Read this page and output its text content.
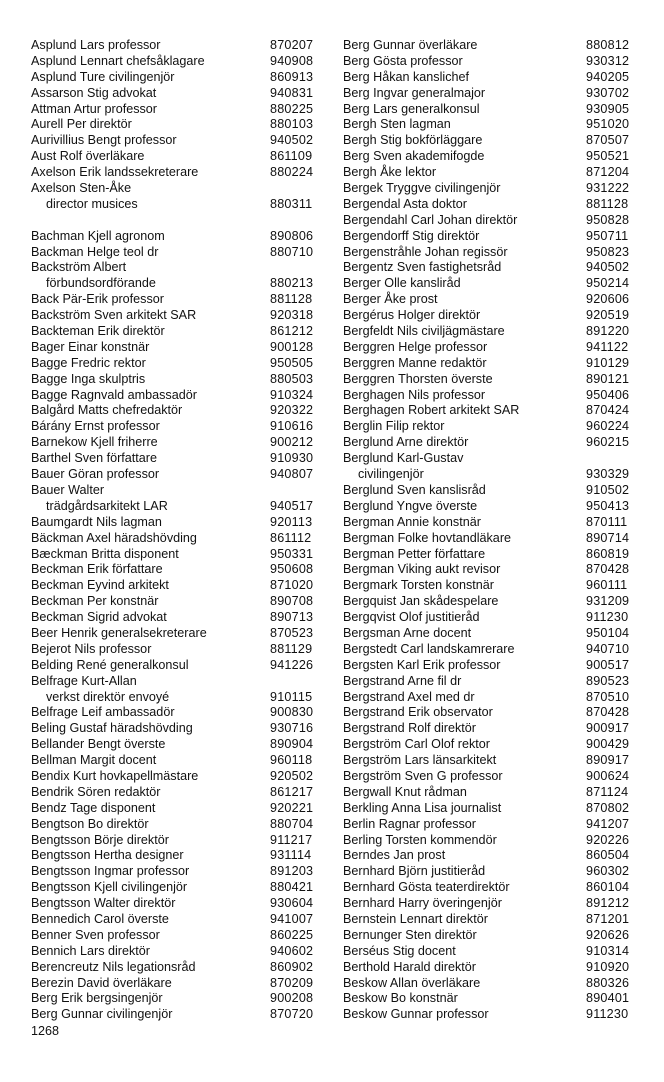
Asplund Lars professor	870207
Asplund Lennart chefsåklagare	940908
Asplund Ture civilingenjör	860913
Assarson Stig advokat	940831
Attman Artur professor	880225
Aurell Per direktör	880103
Aurivillius Bengt professor	940502
Aust Rolf överläkare	861109
Axelson Erik landssekreterare	880224
Axelson Sten-Åke
director musices	880311
Bachman Kjell agronom	890806
Backman Helge teol dr	880710
Backström Albert
förbundsordförande	880213
Back Pär-Erik professor	881128
Backström Sven arkitekt SAR	920318
Backteman Erik direktör	861212
Bager Einar konstnär	900128
Bagge Fredric rektor	950505
Bagge Inga skulptris	880503
Bagge Ragnvald ambassadör	910324
Balgård Matts chefredaktör	920322
Bárány Ernst professor	910616
Barnekow Kjell friherre	900212
Barthel Sven författare	910930
Bauer Göran professor	940807
Bauer Walter
trädgårdsarkitekt LAR	940517
Baumgardt Nils lagman	920113
Bäckman Axel häradshövding	861112
Bæckman Britta disponent	950331
Beckman Erik författare	950608
Beckman Eyvind arkitekt	871020
Beckman Per konstnär	890708
Beckman Sigrid advokat	890713
Beer Henrik generalsekreterare	870523
Bejerot Nils professor	881129
Belding René generalkonsul	941226
Belfrage Kurt-Allan
verkst direktör envoyé	910115
Belfrage Leif ambassadör	900830
Beling Gustaf häradshövding	930716
Bellander Bengt överste	890904
Bellman Margit docent	960118
Bendix Kurt hovkapellmästare	920502
Bendrik Sören redaktör	861217
Bendz Tage disponent	920221
Bengtson Bo direktör	880704
Bengtsson Börje direktör	911217
Bengtsson Hertha designer	931114
Bengtsson Ingmar professor	891203
Bengtsson Kjell civilingenjör	880421
Bengtsson Walter direktör	930604
Bennedich Carol överste	941007
Benner Sven professor	860225
Bennich Lars direktör	940602
Berencreutz Nils legationsråd	860902
Berezin David överläkare	870209
Berg Erik bergsingenjör	900208
Berg Gunnar civilingenjör	870720
Berg Gunnar överläkare	880812
Berg Gösta professor	930312
Berg Håkan kanslichef	940205
Berg Ingvar generalmajor	930702
Berg Lars generalkonsul	930905
Bergh Sten lagman	951020
Bergh Stig bokförläggare	870507
Berg Sven akademifogde	950521
Bergh Åke lektor	871204
Bergek Tryggve civilingenjör	931222
Bergendal Asta doktor	881128
Bergendahl Carl Johan direktör	950828
Bergendorff Stig direktör	950711
Bergenstråhle Johan regissör	950823
Bergentz Sven fastighetsråd	940502
Berger Olle kansliråd	950214
Berger Åke prost	920606
Bergérus Holger direktör	920519
Bergfeldt Nils civiljägmästare	891220
Berggren Helge professor	941122
Berggren Manne redaktör	910129
Berggren Thorsten överste	890121
Berghagen Nils professor	950406
Berghagen Robert arkitekt SAR	870424
Berglin Filip rektor	960224
Berglund Arne direktör	960215
Berglund Karl-Gustav
civilingenjör	930329
Berglund Sven kanslisråd	910502
Berglund Yngve överste	950413
Bergman Annie konstnär	870111
Bergman Folke hovtandläkare	890714
Bergman Petter författare	860819
Bergman Viking aukt revisor	870428
Bergmark Torsten konstnär	960111
Bergquist Jan skådespelare	931209
Bergqvist Olof justitieråd	911230
Bergsman Arne docent	950104
Bergstedt Carl landskamrerare	940710
Bergsten Karl Erik professor	900517
Bergstrand Arne fil dr	890523
Bergstrand Axel med dr	870510
Bergstrand Erik observator	870428
Bergstrand Rolf direktör	900917
Bergström Carl Olof rektor	900429
Bergström Lars länsarkitekt	890917
Bergström Sven G professor	900624
Bergwall Knut rådman	871124
Berkling Anna Lisa journalist	870802
Berlin Ragnar professor	941207
Berling Torsten kommendör	920226
Berndes Jan prost	860504
Bernhard Björn justitieråd	960302
Bernhard Gösta teaterdirektör	860104
Bernhard Harry överingenjör	891212
Bernstein Lennart direktör	871201
Bernunger Sten direktör	920626
Berséus Stig docent	910314
Berthold Harald direktör	910920
Beskow Allan överläkare	880326
Beskow Bo konstnär	890401
Beskow Gunnar professor	911230
1268
